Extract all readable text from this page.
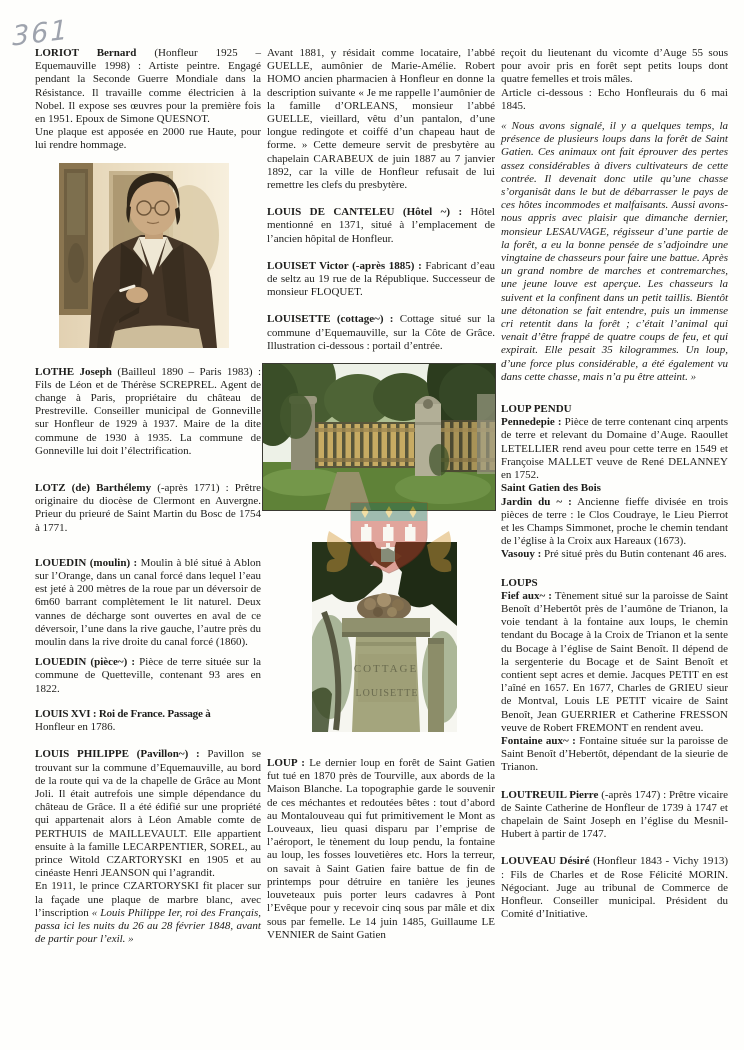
361

LORIOT Bernard (Honfleur 1925 – Equemauville 1998) : Artiste peintre. Engagé pendant la Seconde Guerre Mondiale dans la Résistance. Il travaille comme électricien à la Nobel. Il expose ses œuvres pour la première fois en 1951. Epoux de Simone QUESNOT.

Une plaque est apposée en 2000 rue Haute, pour lui rendre hommage.

LOTHE Joseph (Bailleul 1890 – Paris 1983) : Fils de Léon et de Thérèse SCREPREL. Agent de change à Paris, propriétaire du château de Prestreville. Conseiller municipal de Gonneville sur Honfleur de 1929 à 1937. Maire de la dite commune de 1930 à 1935. La commune de Gonneville lui doit l’électrification.

LOTZ (de) Barthélemy (-après 1771) : Prêtre originaire du diocèse de Clermont en Auvergne. Prieur du prieuré de Saint Martin du Bosc de 1754 à 1771.

LOUEDIN (moulin) : Moulin à blé situé à Ablon sur l’Orange, dans un canal forcé dans lequel l’eau est jeté à 200 mètres de la roue par un déversoir de 6m60 barrant complètement le lit naturel. Deux vannes de décharge sont ouvertes en aval de ce déversoir, l’une dans la rive gauche, l’autre près du moulin dans la rive droite du canal forcé (1860).

LOUEDIN (pièce~) : Pièce de terre située sur la commune de Quetteville, contenant 93 ares en 1822.

LOUIS XVI : Roi de France. Passage à

Honfleur en 1786.

LOUIS PHILIPPE (Pavillon~) : Pavillon se trouvant sur la commune d’Equemauville, au bord de la route qui va de la chapelle de Grâce au Mont Joli. Il était autrefois une simple dépendance du château de Grâce. Il a été édifié sur une propriété qui appartenait alors à Léon Amable comte de PERTHUIS de MAILLEVAULT. Elle appartient ensuite à la famille LECARPENTIER, SOREL, au prince Witold CZARTORYSKI en 1905 et au cinéaste Henri JEANSON qui l’agrandit.

En 1911, le prince CZARTORYSKI fit placer sur la façade une plaque de marbre blanc, avec l’inscription « Louis Philippe Ier, roi des Français, passa ici les nuits du 26 au 28 février 1848, avant de partir pour l’exil. »

Avant 1881, y résidait comme locataire, l’abbé GUELLE, aumônier de Marie-Amélie. Robert HOMO ancien pharmacien à Honfleur en donne la description suivante « Je me rappelle l’aumônier de la famille d’ORLEANS, monsieur l’abbé GUELLE, vieillard, vêtu d’un pantalon, d’une longue redingote et coiffé d’un chapeau haut de forme. » Cette demeure servit de presbytère au chapelain CARABEUX de juin 1887 au 7 janvier 1892, car la ville de Honfleur refusait de lui remettre les clefs du presbytère.

LOUIS DE CANTELEU (Hôtel ~) : Hôtel mentionné en 1371, situé à l’emplacement de l’ancien hôpital de Honfleur.

LOUISET Victor (-après 1885) : Fabricant d’eau de seltz au 19 rue de la République. Successeur de monsieur FLOQUET.

LOUISETTE (cottage~) : Cottage situé sur la commune d’Equemauville, sur la Côte de Grâce. Illustration ci-dessous : portail d’entrée.

COTTAGE
LOUISETTE

LOUP : Le dernier loup en forêt de Saint Gatien fut tué en 1870 près de Tourville, aux abords de la Maison Blanche. La topographie garde le souvenir de ces méchantes et redoutées bêtes : tout d’abord au Montalouveau qui fut primitivement le Mont as Louveaux, lieu quasi disparu par l’emprise de l’aéroport, le tènement du loup pendu, la fontaine au loup, les fosses louvetières etc. Hors la terreur, on savait à Saint Gatien faire battue de fin de printemps pour détruire en tanière les jeunes louveteaux puis porter leurs cadavres à Pont l’Evêque pour y recevoir cinq sous par mâle et dix sous par femelle. Le 14 juin 1485, Guillaume LE VENNIER de Saint Gatien

reçoit du lieutenant du vicomte d’Auge 55 sous pour avoir pris en forêt sept petits loups dont quatre femelles et trois mâles.

Article ci-dessous : Echo Honfleurais du 6 mai 1845.

« Nous avons signalé, il y a quelques temps, la présence de plusieurs loups dans la forêt de Saint Gatien. Ces animaux ont fait éprouver des pertes assez considérables à divers cultivateurs de cette contrée. Il devenait donc utile qu’une chasse s’organisât dans le but de débarrasser le pays de ces hôtes incommodes et malfaisants. Aussi avons-nous appris avec plaisir que dimanche dernier, monsieur LESAUVAGE, régisseur d’une partie de la forêt, a eu la bonne pensée de s’adjoindre une vingtaine de chasseurs pour faire une battue. Après un grand nombre de marches et contremarches, une jeune louve est aperçue. Les chasseurs la suivent et la confinent dans un petit taillis. Bientôt une détonation se fait entendre, puis un immense cri retentit dans la forêt ; c’était l’animal qui venait d’être frappé de quatre coups de feu, et qui expirait. Elle pesait 35 kilogrammes. Un loup, d’une force plus considérable, a été également vu dans cette chasse, mais n’a pu être atteint. »

LOUP PENDU

Pennedepie : Pièce de terre contenant cinq arpents de terre et relevant du Domaine d’Auge. Raoullet LETELLIER rend aveu pour cette terre en 1549 et Françoise MALLET veuve de René DELANNEY en 1752.

Saint Gatien des Bois

Jardin du ~ : Ancienne fieffe divisée en trois pièces de terre : le Clos Coudraye, le Lieu Pierrot et les Champs Simmonet, proche le chemin tendant de l’église à la Croix aux Hareaux (1673).

Vasouy : Pré situé près du Butin contenant 46 ares.

LOUPS

Fief aux~ : Tènement situé sur la paroisse de Saint Benoît d’Hebertôt près de l’aumône de Trianon, la voie tendant à la fontaine aux loups, le chemin tendant du Bocage à la Croix de Trianon et la sente du Bocage à l’église de Saint Benoît. Il dépend de la sergenterie du Bocage et de Saint Benoît et contient sept acres et demie. Jacques PETIT en est l’aîné en 1657. En 1677, Charles de GRIEU sieur de Montval, Louis LE PETIT vicaire de Saint Benoît, Jean GUERRIER et Catherine FRESSON veuve de Robert FREMONT en rendent aveu.

Fontaine aux~ : Fontaine située sur la paroisse de Saint Benoît d’Hebertôt, dépendant de la sieurie de Trianon.

LOUTREUIL Pierre (-après 1747) : Prêtre vicaire de Sainte Catherine de Honfleur de 1739 à 1747 et chapelain de Saint Joseph en l’église du Mesnil-Hubert à partir de 1747.

LOUVEAU Désiré (Honfleur 1843 - Vichy 1913) : Fils de Charles et de Rose Félicité MORIN. Négociant. Juge au tribunal de Commerce de Honfleur. Conseiller municipal. Président du Comité d’Initiative.
